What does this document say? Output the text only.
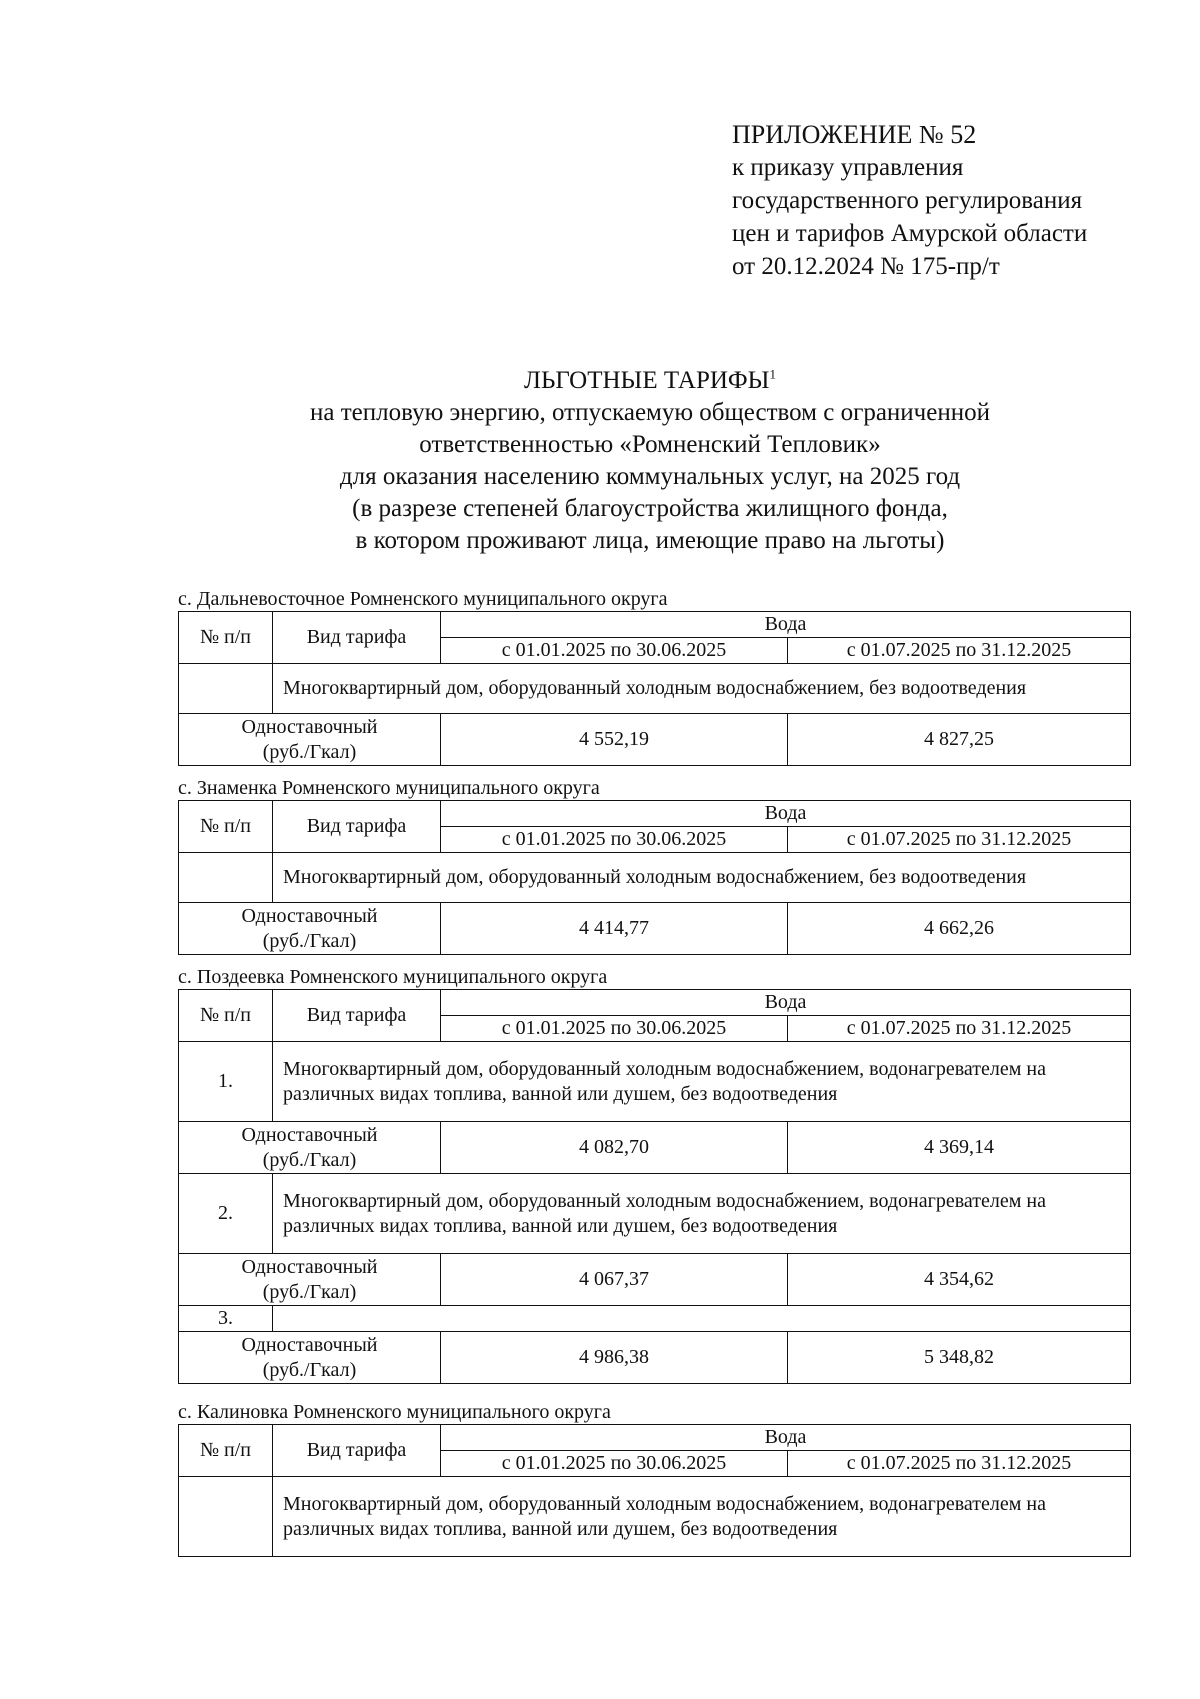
ПРИЛОЖЕНИЕ № 52
к приказу управления
государственного регулирования
цен и тарифов Амурской области
от 20.12.2024 № 175-пр/т
ЛЬГОТНЫЕ ТАРИФЫ$^1$
на тепловую энергию, отпускаемую обществом с ограниченной
ответственностью «Ромненский Тепловик»
для оказания населению коммунальных услуг, на 2025 год
(в разрезе степеней благоустройства жилищного фонда,
в котором проживают лица, имеющие право на льготы)
с. Дальневосточное Ромненского муниципального округа
№ п/п	Вид тарифа	Вода	
		с 01.01.2025 по 30.06.2025	с 01.07.2025 по 31.12.2025
	Многоквартирный дом, оборудованный холодным водоснабжением, без водоотведения		

Одноставочный
(руб./Гкал)		4 552,19	4 827,25
с. Знаменка Ромненского муниципального округа
№ п/п	Вид тарифа	Вода	
		с 01.01.2025 по 30.06.2025	с 01.07.2025 по 31.12.2025
	Многоквартирный дом, оборудованный холодным водоснабжением, без водоотведения		

Одноставочный
(руб./Гкал)		4 414,77	4 662,26
с. Поздеевка Ромненского муниципального округа
№ п/п	Вид тарифа	Вода	
		с 01.01.2025 по 30.06.2025	с 01.07.2025 по 31.12.2025
1.	Многоквартирный дом, оборудованный холодным водоснабжением, водонагревателем на различных видах топлива, ванной или душем, без водоотведения		

Одноставочный
(руб./Гкал)		4 082,70	4 369,14
2.	Многоквартирный дом, оборудованный холодным водоснабжением, водонагревателем на различных видах топлива, ванной или душем, без водоотведения		

Одноставочный
(руб./Гкал)		4 067,37	4 354,62
3.			

Одноставочный
(руб./Гкал)		4 986,38	5 348,82
с. Калиновка Ромненского муниципального округа
№ п/п	Вид тарифа	Вода	
		с 01.01.2025 по 30.06.2025	с 01.07.2025 по 31.12.2025
	Многоквартирный дом, оборудованный холодным водоснабжением, водонагревателем на различных видах топлива, ванной или душем, без водоотведения		
